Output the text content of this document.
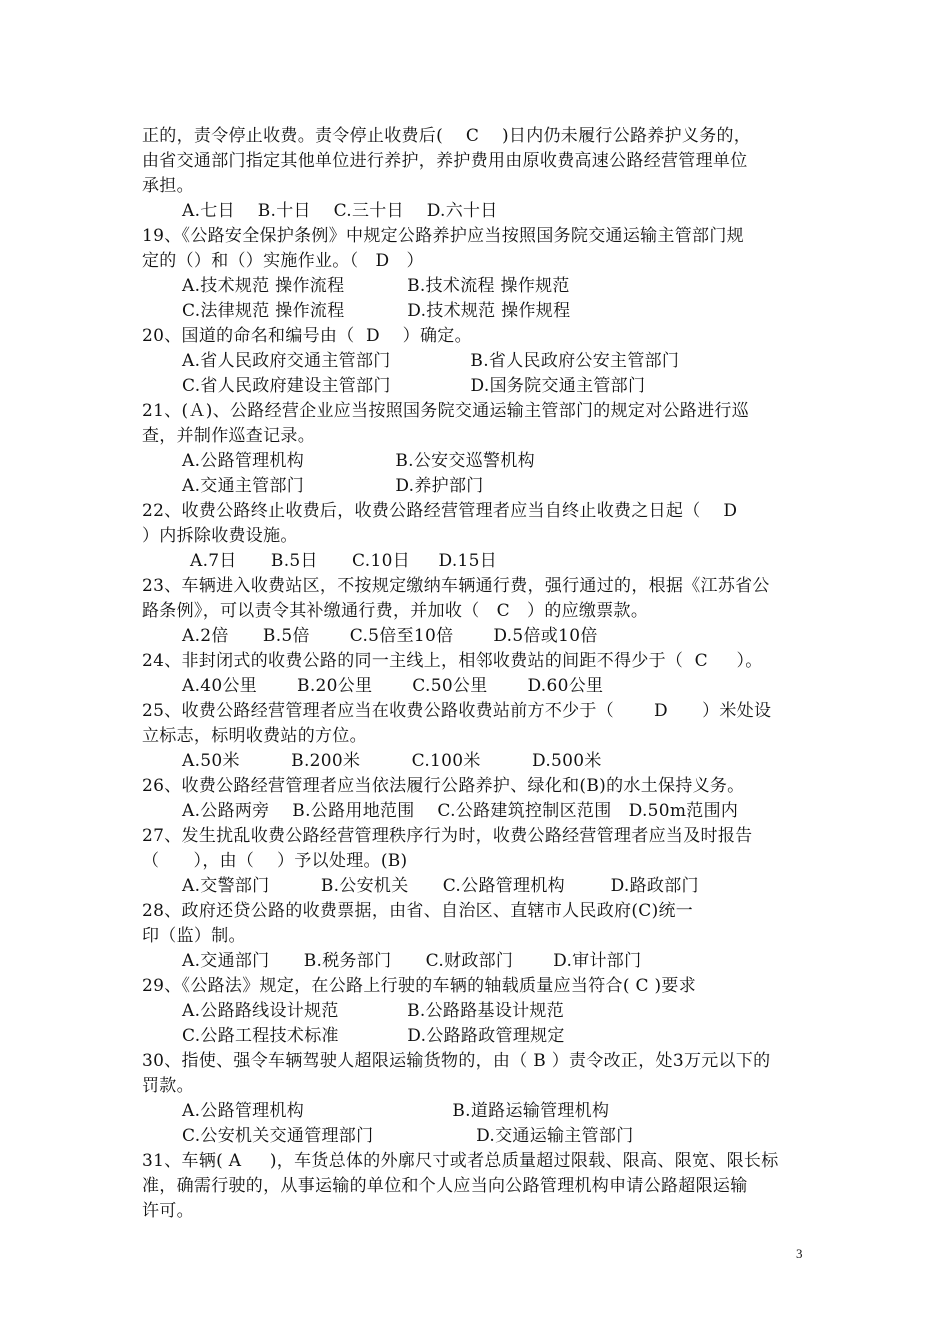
正的，责令停止收费。责令停止收费后(    C    )日内仍未履行公路养护义务的，
由省交通部门指定其他单位进行养护，养护费用由原收费高速公路经营管理单位
承担。
A.七日    B.十日    C.三十日    D.六十日
19、《公路安全保护条例》中规定公路养护应当按照国务院交通运输主管部门规
定的（）和（）实施作业。（   D   ）
A.技术规范 操作流程           B.技术流程 操作规范
C.法律规范 操作流程           D.技术规范 操作规程
20、国道的命名和编号由（  D    ）确定。
A.省人民政府交通主管部门              B.省人民政府公安主管部门
C.省人民政府建设主管部门              D.国务院交通主管部门
21、(Ａ)、公路经营企业应当按照国务院交通运输主管部门的规定对公路进行巡
查，并制作巡查记录。
A.公路管理机构                B.公安交巡警机构
A.交通主管部门                D.养护部门
22、收费公路终止收费后，收费公路经营管理者应当自终止收费之日起（    D
）内拆除收费设施。
A.7日      B.5日      C.10日     D.15日
23、车辆进入收费站区，不按规定缴纳车辆通行费，强行通过的，根据《江苏省公
路条例》，可以责令其补缴通行费，并加收（   C   ）的应缴票款。
A.2倍      B.5倍       C.5倍至10倍       D.5倍或10倍
24、非封闭式的收费公路的同一主线上，相邻收费站的间距不得少于（  C     ）。
A.40公里       B.20公里       C.50公里       D.60公里
25、收费公路经营管理者应当在收费公路收费站前方不少于（       D      ）米处设
立标志，标明收费站的方位。
A.50米         B.200米         C.100米         D.500米
26、收费公路经营管理者应当依法履行公路养护、绿化和(B)的水土保持义务。
A.公路两旁    B.公路用地范围    C.公路建筑控制区范围   D.50m范围内
27、发生扰乱收费公路经营管理秩序行为时，收费公路经营管理者应当及时报告
（      ），由（    ）予以处理。(B)
A.交警部门         B.公安机关      C.公路管理机构        D.路政部门
28、政府还贷公路的收费票据，由省、自治区、直辖市人民政府(C)统一
印（监）制。
A.交通部门      B.税务部门      C.财政部门       D.审计部门
29、《公路法》规定，在公路上行驶的车辆的轴载质量应当符合( C )要求
A.公路路线设计规范            B.公路路基设计规范
C.公路工程技术标准            D.公路路政管理规定
30、指使、强令车辆驾驶人超限运输货物的，由（ B ）责令改正，处3万元以下的
罚款。
A.公路管理机构                          B.道路运输管理机构
C.公安机关交通管理部门                  D.交通运输主管部门
31、车辆( A     )，车货总体的外廓尺寸或者总质量超过限载、限高、限宽、限长标
准，确需行驶的，从事运输的单位和个人应当向公路管理机构申请公路超限运输
许可。
3
